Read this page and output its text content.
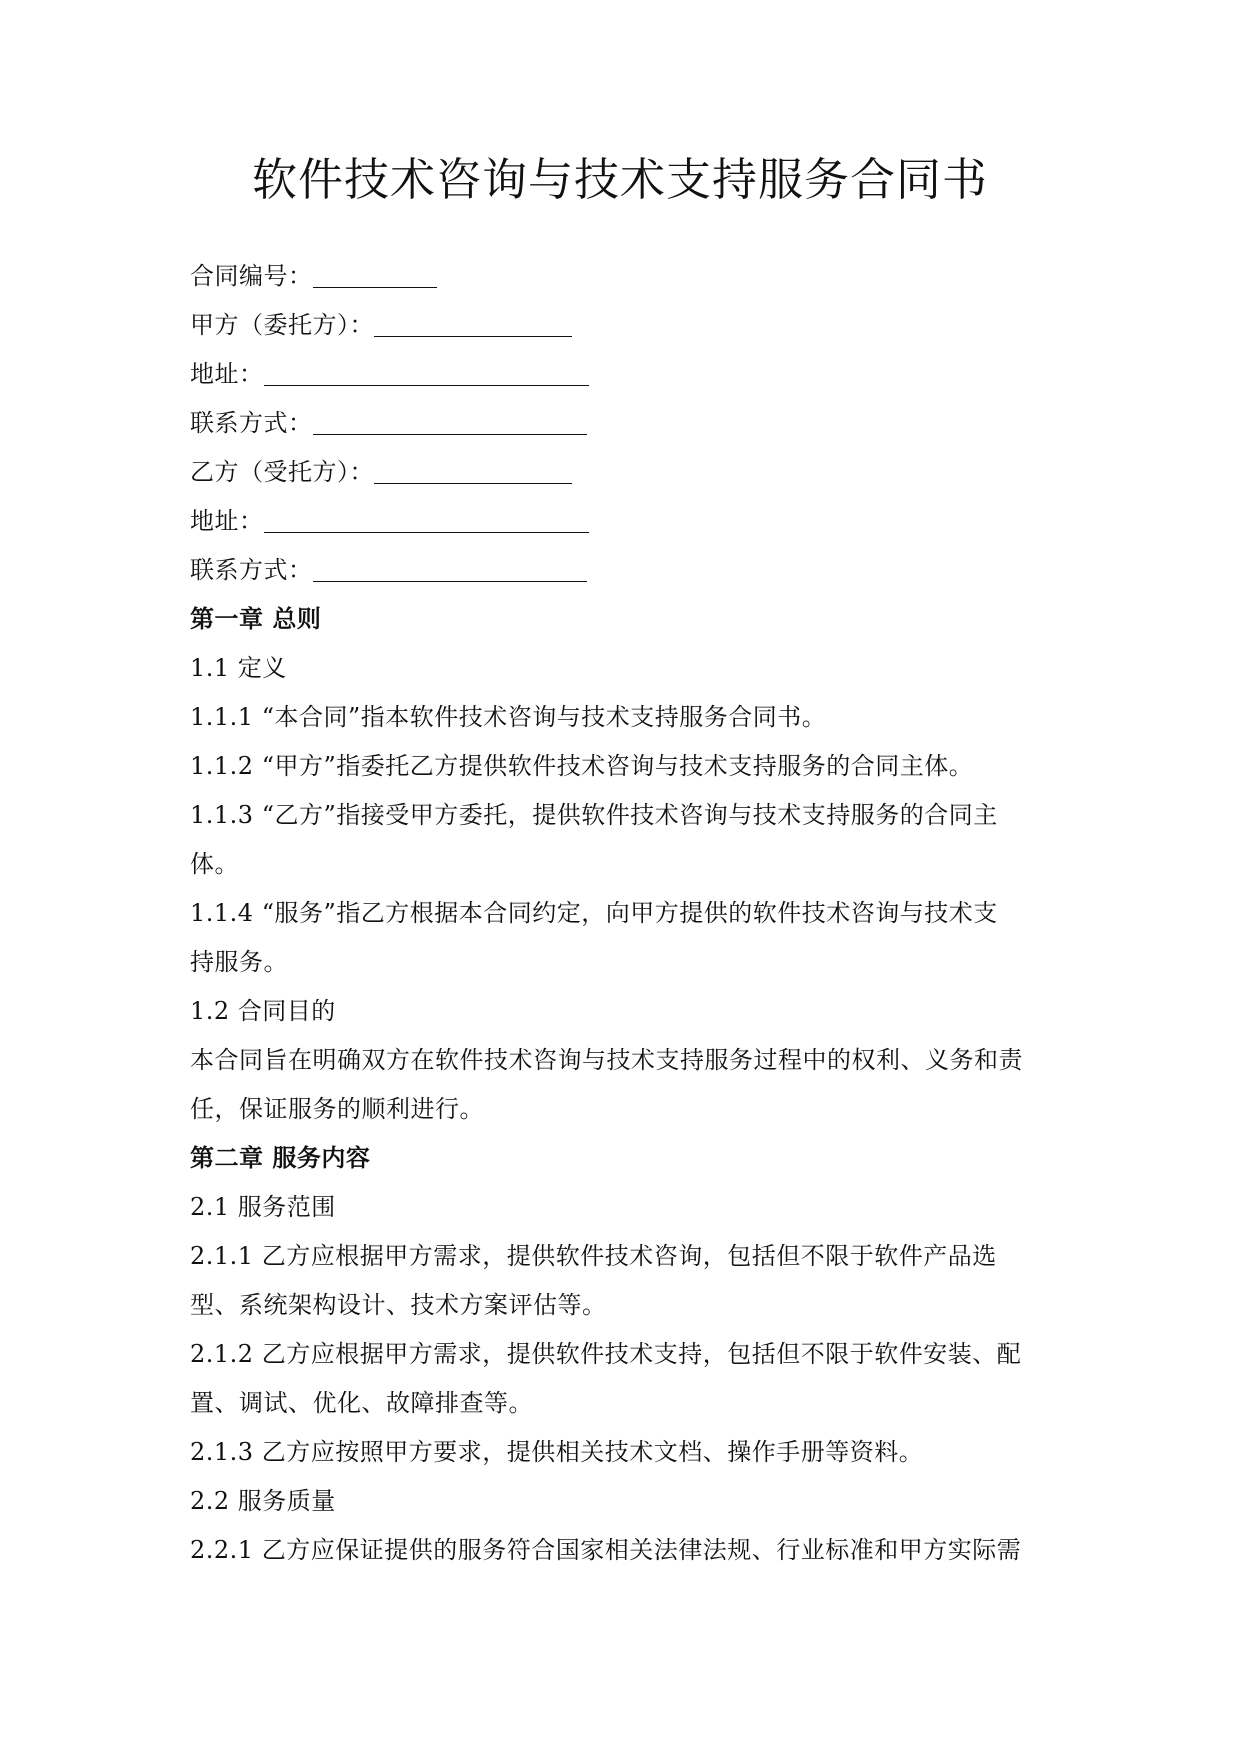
软件技术咨询与技术支持服务合同书
合同编号：
甲方（委托方）：
地址：
联系方式：
乙方（受托方）：
地址：
联系方式：
第一章 总则
1.1 定义
1.1.1 “本合同”指本软件技术咨询与技术支持服务合同书。
1.1.2 “甲方”指委托乙方提供软件技术咨询与技术支持服务的合同主体。
1.1.3 “乙方”指接受甲方委托，提供软件技术咨询与技术支持服务的合同主
体。
1.1.4 “服务”指乙方根据本合同约定，向甲方提供的软件技术咨询与技术支
持服务。
1.2 合同目的
本合同旨在明确双方在软件技术咨询与技术支持服务过程中的权利、义务和责
任，保证服务的顺利进行。
第二章 服务内容
2.1 服务范围
2.1.1 乙方应根据甲方需求，提供软件技术咨询，包括但不限于软件产品选
型、系统架构设计、技术方案评估等。
2.1.2 乙方应根据甲方需求，提供软件技术支持，包括但不限于软件安装、配
置、调试、优化、故障排查等。
2.1.3 乙方应按照甲方要求，提供相关技术文档、操作手册等资料。
2.2 服务质量
2.2.1 乙方应保证提供的服务符合国家相关法律法规、行业标准和甲方实际需
